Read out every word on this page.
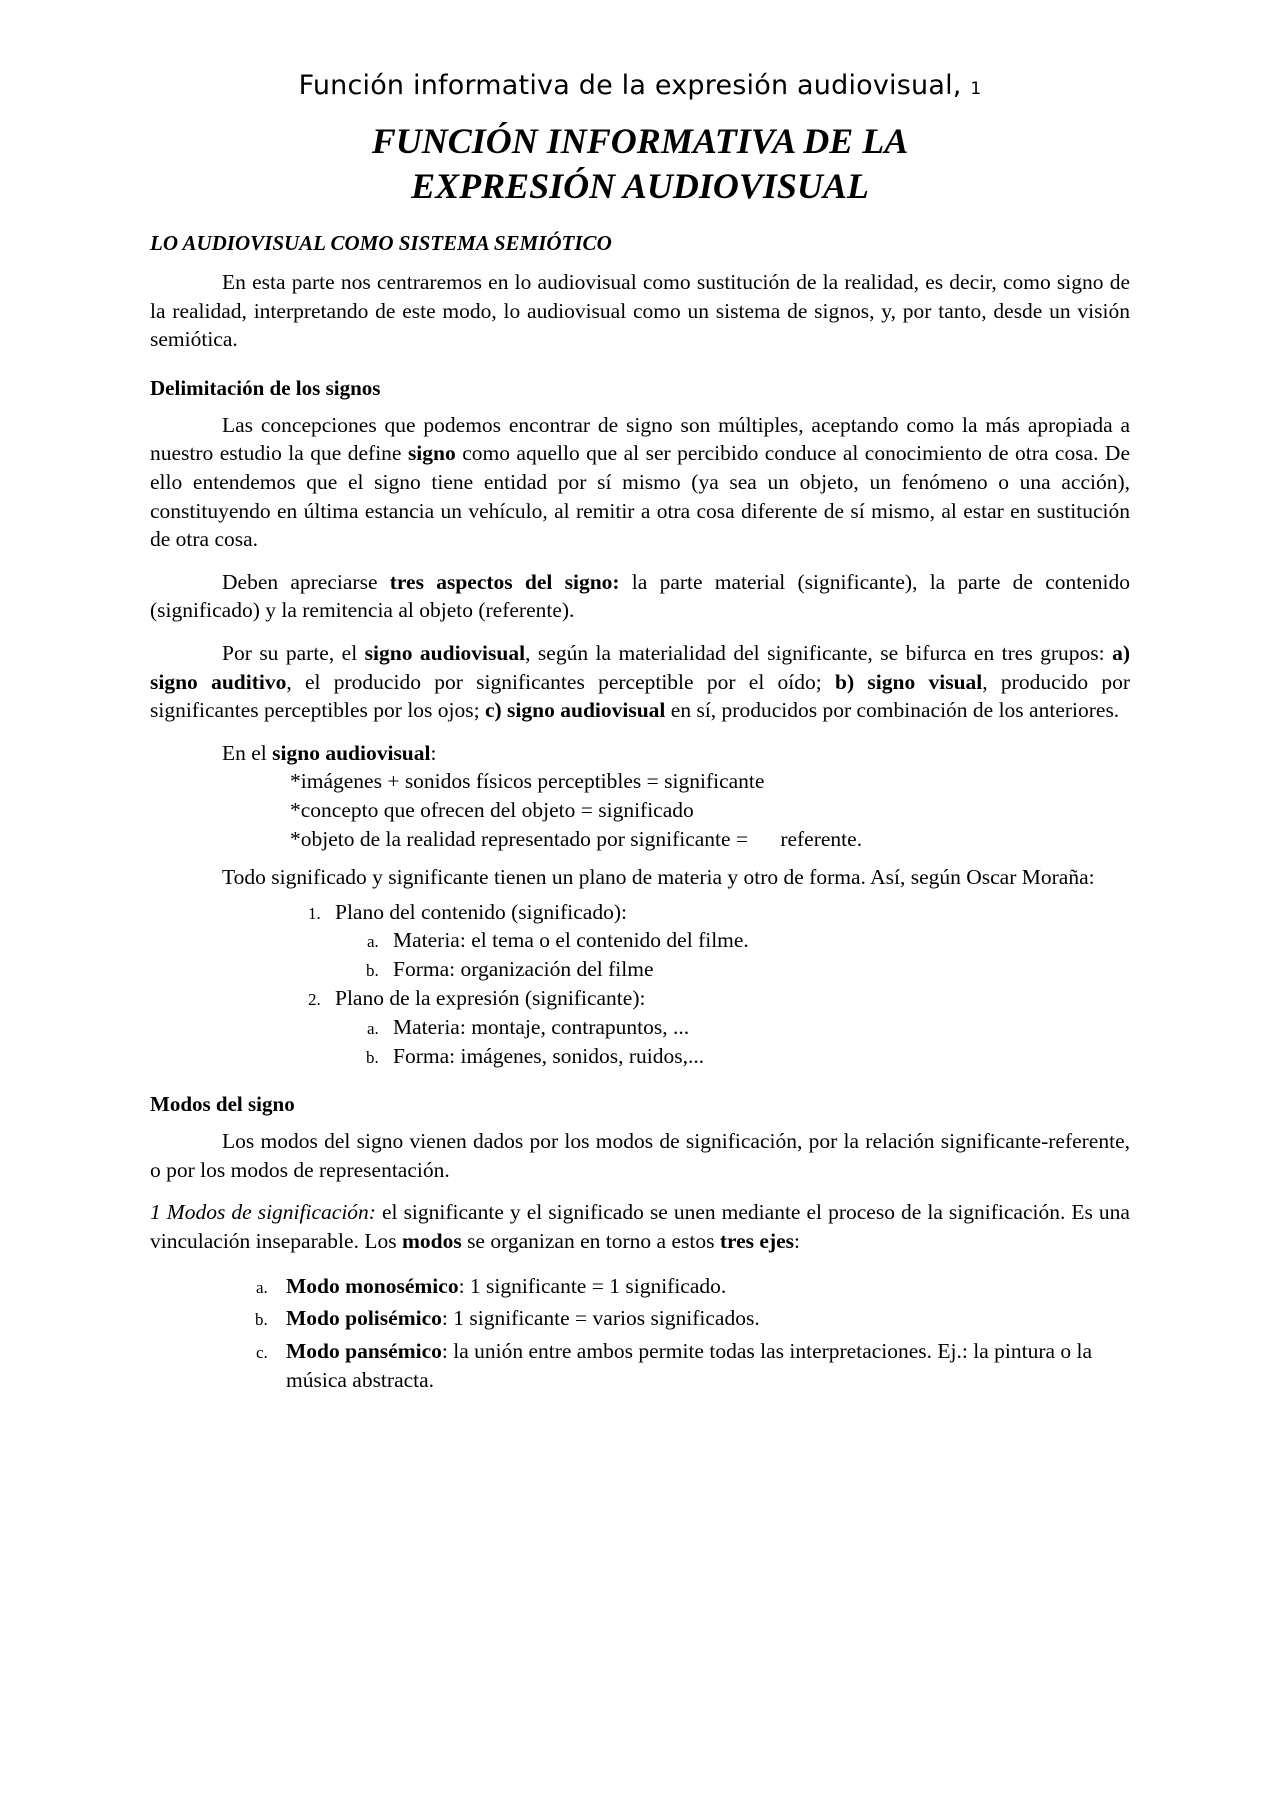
Función informativa de la expresión audiovisual, 1
FUNCIÓN INFORMATIVA DE LA
EXPRESIÓN AUDIOVISUAL
LO AUDIOVISUAL COMO SISTEMA SEMIÓTICO

En esta parte nos centraremos en lo audiovisual como sustitución de la realidad, es decir, como signo de la realidad, interpretando de este modo, lo audiovisual como un sistema de signos, y, por tanto, desde un visión semiótica.

Delimitación de los signos

Las concepciones que podemos encontrar de signo son múltiples, aceptando como la más apropiada a nuestro estudio la que define signo como aquello que al ser percibido conduce al conocimiento de otra cosa. De ello entendemos que el signo tiene entidad por sí mismo (ya sea un objeto, un fenómeno o una acción), constituyendo en última estancia un vehículo, al remitir a otra cosa diferente de sí mismo, al estar en sustitución de otra cosa.

Deben apreciarse tres aspectos del signo: la parte material (significante), la parte de contenido (significado) y la remitencia al objeto (referente).

Por su parte, el signo audiovisual, según la materialidad del significante, se bifurca en tres grupos: a) signo auditivo, el producido por significantes perceptible por el oído; b) signo visual, producido por significantes perceptibles por los ojos; c) signo audiovisual en sí, producidos por combinación de los anteriores.

En el signo audiovisual:
*imágenes + sonidos físicos perceptibles = significante
*concepto que ofrecen del objeto = significado
*objeto de la realidad representado por significante =      referente.

Todo significado y significante tienen un plano de materia y otro de forma. Así, según Oscar Moraña:

1. Plano del contenido (significado):
a. Materia: el tema o el contenido del filme.
b. Forma: organización del filme
2. Plano de la expresión (significante):
a. Materia: montaje, contrapuntos, ...
b. Forma: imágenes, sonidos, ruidos,...
Modos del signo

Los modos del signo vienen dados por los modos de significación, por la relación significante-referente, o por los modos de representación.

1 Modos de significación: el significante y el significado se unen mediante el proceso de la significación. Es una vinculación inseparable. Los modos se organizan en torno a estos tres ejes:

a. Modo monosémico: 1 significante = 1 significado.
b. Modo polisémico: 1 significante = varios significados.
c. Modo pansémico: la unión entre ambos permite todas las interpretaciones. Ej.: la pintura o la música abstracta.
